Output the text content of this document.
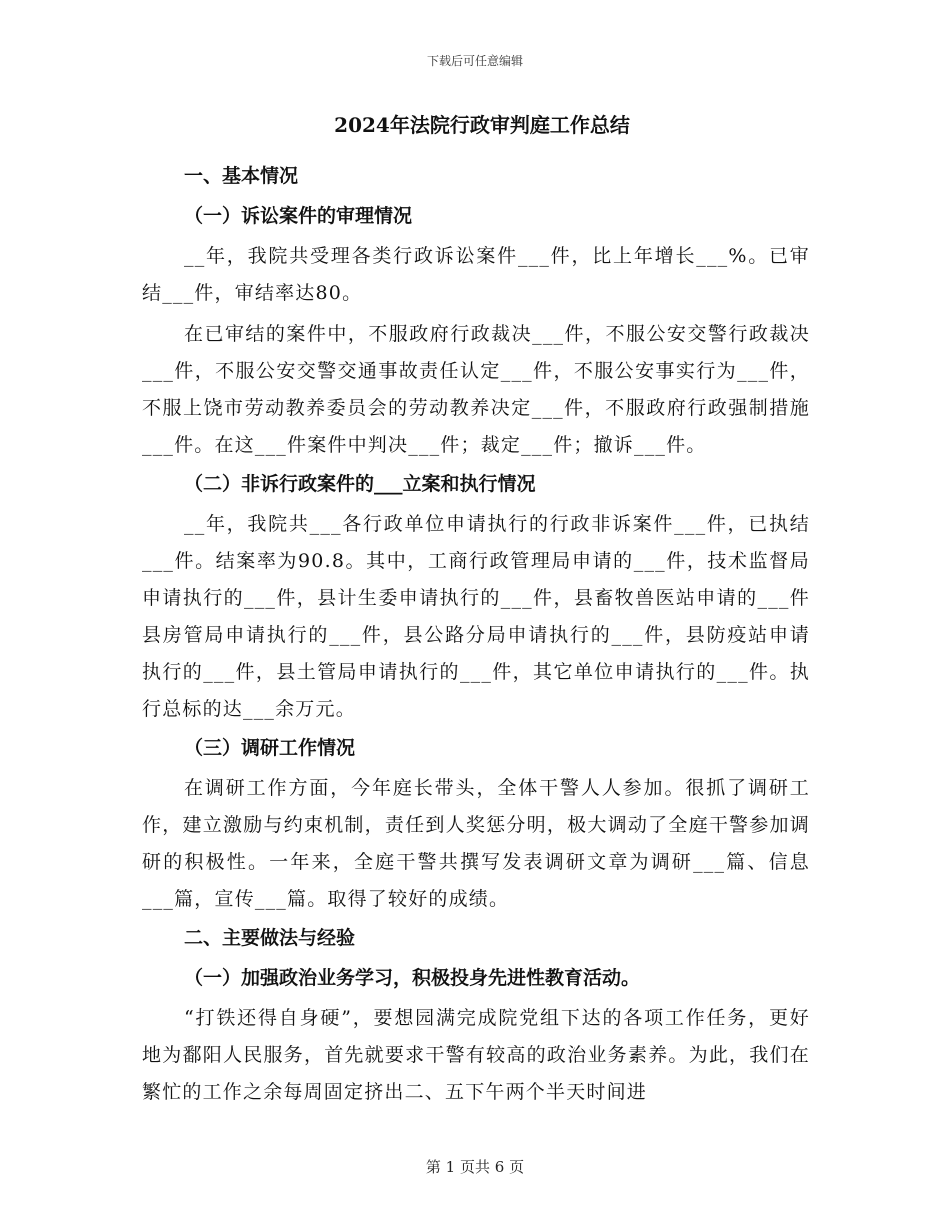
下载后可任意编辑
2024年法院行政审判庭工作总结
一、基本情况
（一）诉讼案件的审理情况

__年，我院共受理各类行政诉讼案件___件，比上年增长___%。已审结___件，审结率达80。

在已审结的案件中，不服政府行政裁决___件，不服公安交警行政裁决___件，不服公安交警交通事故责任认定___件，不服公安事实行为___件，不服上饶市劳动教养委员会的劳动教养决定___件，不服政府行政强制措施___件。在这___件案件中判决___件；裁定___件；撤诉___件。

（二）非诉行政案件的___立案和执行情况

__年，我院共___各行政单位申请执行的行政非诉案件___件，已执结___件。结案率为90.8。其中，工商行政管理局申请的___件，技术监督局申请执行的___件，县计生委申请执行的___件，县畜牧兽医站申请的___件县房管局申请执行的___件，县公路分局申请执行的___件，县防疫站申请执行的___件，县土管局申请执行的___件，其它单位申请执行的___件。执行总标的达___余万元。

（三）调研工作情况

在调研工作方面，今年庭长带头，全体干警人人参加。很抓了调研工作，建立激励与约束机制，责任到人奖惩分明，极大调动了全庭干警参加调研的积极性。一年来，全庭干警共撰写发表调研文章为调研___篇、信息___篇，宣传___篇。取得了较好的成绩。

二、主要做法与经验
（一）加强政治业务学习，积极投身先进性教育活动。

“打铁还得自身硬”，要想园满完成院党组下达的各项工作任务，更好地为鄱阳人民服务，首先就要求干警有较高的政治业务素养。为此，我们在繁忙的工作之余每周固定挤出二、五下午两个半天时间进

第 1 页共 6 页
